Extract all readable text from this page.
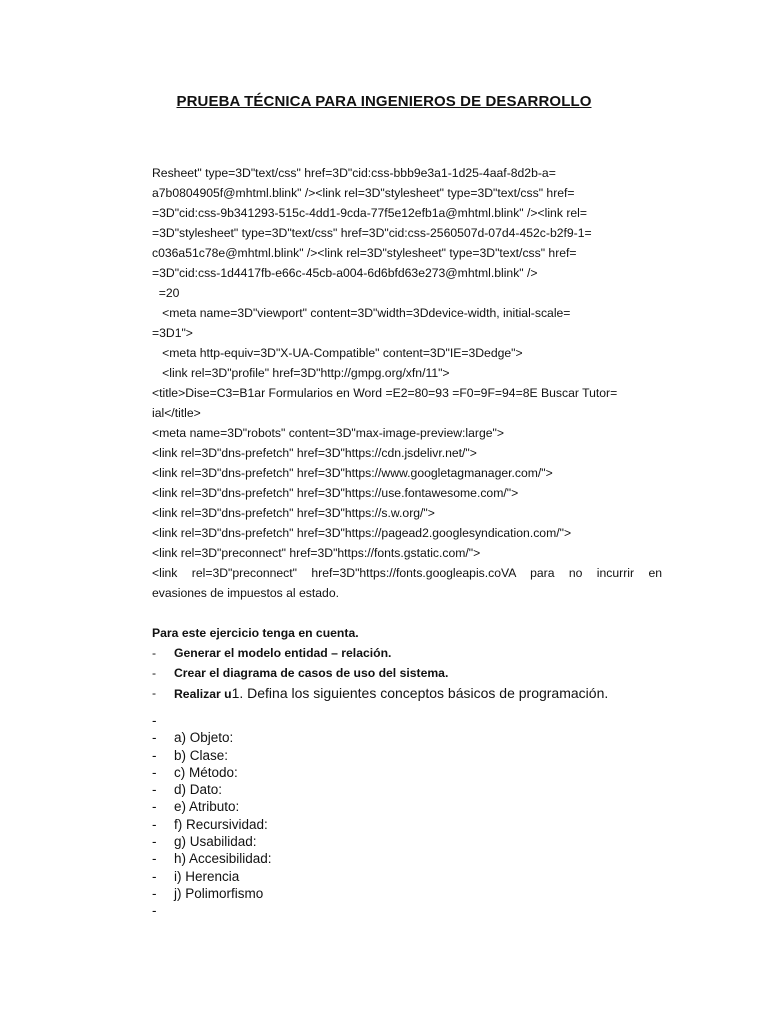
PRUEBA TÉCNICA PARA INGENIEROS DE DESARROLLO
Resheet" type=3D"text/css" href=3D"cid:css-bbb9e3a1-1d25-4aaf-8d2b-a=
a7b0804905f@mhtml.blink" /><link rel=3D"stylesheet" type=3D"text/css" href=
=3D"cid:css-9b341293-515c-4dd1-9cda-77f5e12efb1a@mhtml.blink" /><link rel=
=3D"stylesheet" type=3D"text/css" href=3D"cid:css-2560507d-07d4-452c-b2f9-1=
c036a51c78e@mhtml.blink" /><link rel=3D"stylesheet" type=3D"text/css" href=
=3D"cid:css-1d4417fb-e66c-45cb-a004-6d6bfd63e273@mhtml.blink" />
=20
<meta name=3D"viewport" content=3D"width=3Ddevice-width, initial-scale=
=3D1">
<meta http-equiv=3D"X-UA-Compatible" content=3D"IE=3Dedge">
<link rel=3D"profile" href=3D"http://gmpg.org/xfn/11">
<title>Dise=C3=B1ar Formularios en Word =E2=80=93 =F0=9F=94=8E Buscar Tutor=
ial</title>
<meta name=3D"robots" content=3D"max-image-preview:large">
<link rel=3D"dns-prefetch" href=3D"https://cdn.jsdelivr.net/">
<link rel=3D"dns-prefetch" href=3D"https://www.googletagmanager.com/">
<link rel=3D"dns-prefetch" href=3D"https://use.fontawesome.com/">
<link rel=3D"dns-prefetch" href=3D"https://s.w.org/">
<link rel=3D"dns-prefetch" href=3D"https://pagead2.googlesyndication.com/">
<link rel=3D"preconnect" href=3D"https://fonts.gstatic.com/">
<link rel=3D"preconnect" href=3D"https://fonts.googleapis.coVA para no incurrir en
evasiones de impuestos al estado.
Para este ejercicio tenga en cuenta.
-	Generar el modelo entidad – relación.
-	Crear el diagrama de casos de uso del sistema.
-	Realizar u1. Defina los siguientes conceptos básicos de programación.
-
-	a) Objeto:
-	b) Clase:
-	c) Método:
-	d) Dato:
-	e) Atributo:
-	f) Recursividad:
-	g) Usabilidad:
-	h) Accesibilidad:
-	i) Herencia
-	j) Polimorfismo
-
